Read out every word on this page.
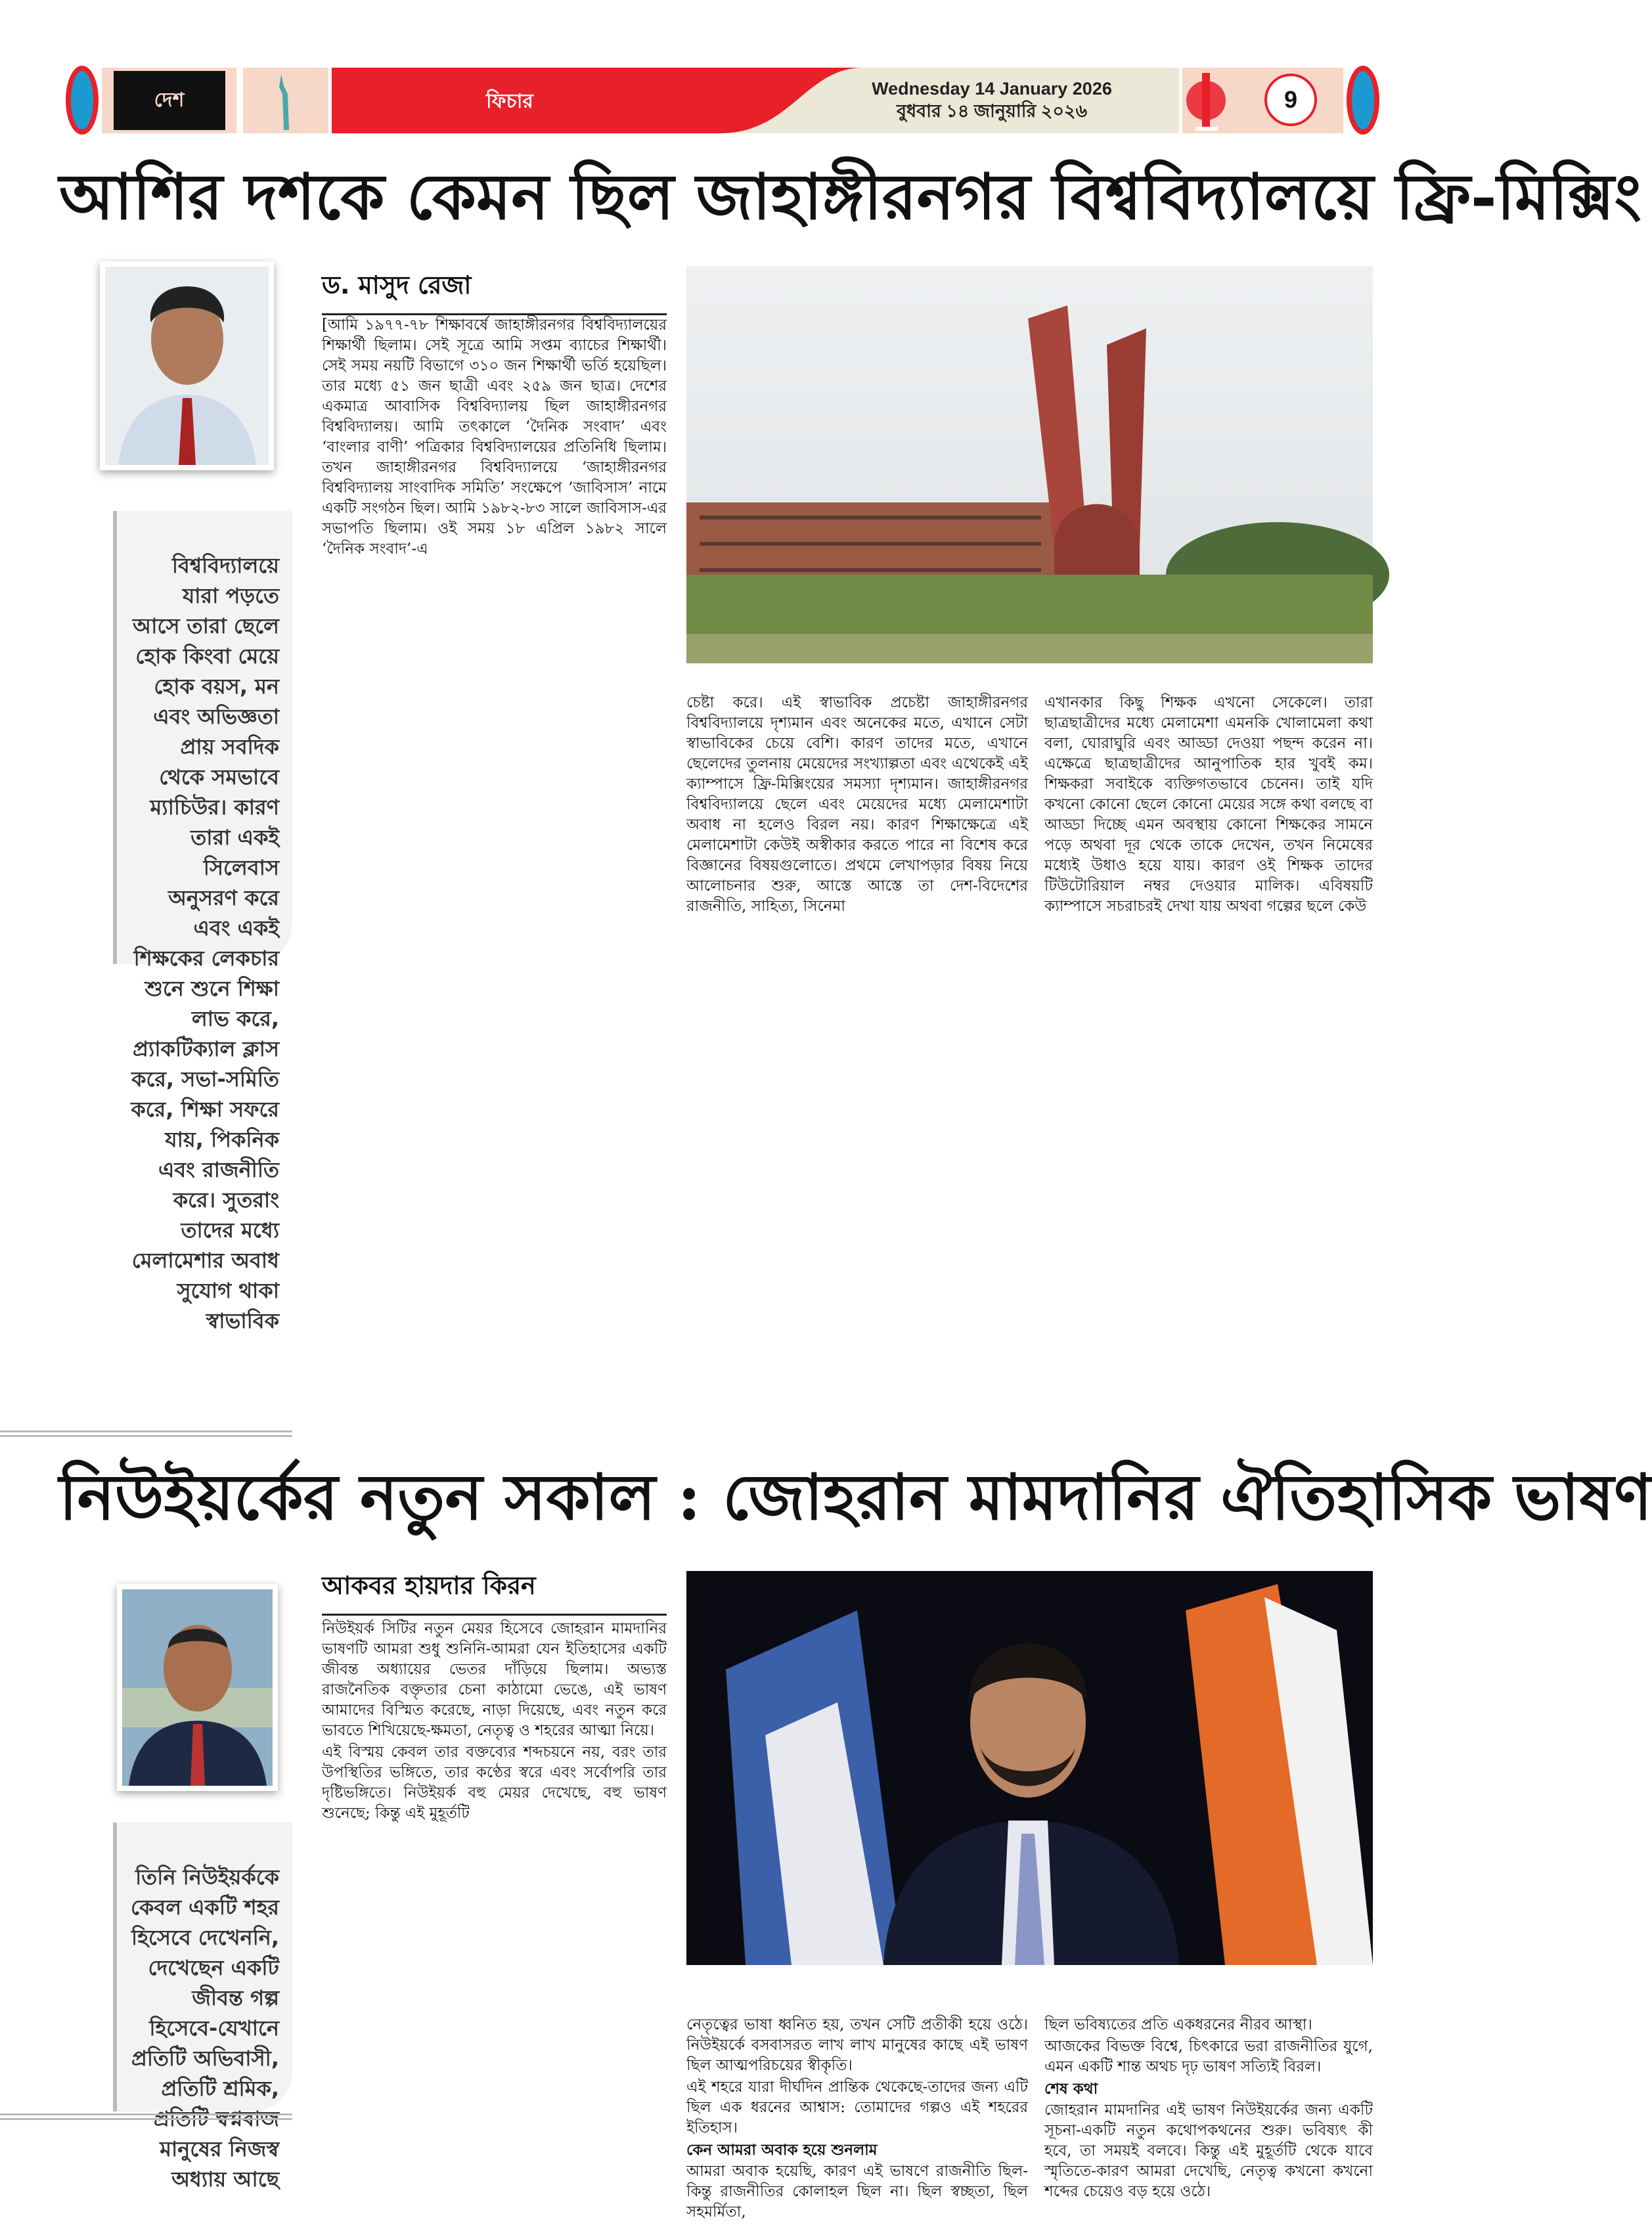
দেশ	ফিচার
Wednesday 14 January 2026
বুধবার ১৪ জানুয়ারি ২০২৬	9
আশির দশকে কেমন ছিল জাহাঙ্গীরনগর বিশ্ববিদ্যালয়ে ফ্রি-মিক্সিং
বিশ্ববিদ্যালয়ে যারা পড়তে আসে তারা ছেলে হোক কিংবা মেয়ে হোক বয়স, মন এবং অভিজ্ঞতা প্রায় সবদিক থেকে সমভাবে ম্যাচিউর। কারণ তারা একই সিলেবাস অনুসরণ করে এবং একই শিক্ষকের লেকচার শুনে শুনে শিক্ষা লাভ করে, প্র্যাকটিক্যাল ক্লাস করে, সভা-সমিতি করে, শিক্ষা সফরে যায়, পিকনিক এবং রাজনীতি করে। সুতরাং তাদের মধ্যে মেলামেশার অবাধ সুযোগ থাকা স্বাভাবিক
ড. মাসুদ রেজা

[আমি ১৯৭৭-৭৮ শিক্ষাবর্ষে জাহাঙ্গীরনগর বিশ্ববিদ্যালয়ের শিক্ষার্থী ছিলাম। সেই সূত্রে আমি সপ্তম ব্যাচের শিক্ষার্থী। সেই সময় নয়টি বিভাগে ৩১০ জন শিক্ষার্থী ভর্তি হয়েছিল। তার মধ্যে ৫১ জন ছাত্রী এবং ২৫৯ জন ছাত্র। দেশের একমাত্র আবাসিক বিশ্ববিদ্যালয় ছিল জাহাঙ্গীরনগর বিশ্ববিদ্যালয়। আমি তৎকালে ‘দৈনিক সংবাদ’ এবং ‘বাংলার বাণী’ পত্রিকার বিশ্ববিদ্যালয়ের প্রতিনিধি ছিলাম। তখন জাহাঙ্গীরনগর বিশ্ববিদ্যালয়ে ‘জাহাঙ্গীরনগর বিশ্ববিদ্যালয় সাংবাদিক সমিতি’ সংক্ষেপে ‘জাবিসাস’ নামে একটি সংগঠন ছিল। আমি ১৯৮২-৮৩ সালে জাবিসাস-এর সভাপতি ছিলাম। ওই সময় ১৮ এপ্রিল ১৯৮২ সালে ‘দৈনিক সংবাদ’-এ

চেষ্টা করে। এই স্বাভাবিক প্রচেষ্টা জাহাঙ্গীরনগর বিশ্ববিদ্যালয়ে দৃশ্যমান এবং অনেকের মতে, এখানে সেটা স্বাভাবিকের চেয়ে বেশি। কারণ তাদের মতে, এখানে ছেলেদের তুলনায় মেয়েদের সংখ্যাল্পতা এবং এথেকেই এই ক্যাম্পাসে ফ্রি-মিক্সিংয়ের সমস্যা দৃশ্যমান। জাহাঙ্গীরনগর বিশ্ববিদ্যালয়ে ছেলে এবং মেয়েদের মধ্যে মেলামেশাটা অবাধ না হলেও বিরল নয়। কারণ শিক্ষাক্ষেত্রে এই মেলামেশাটা কেউই অস্বীকার করতে পারে না বিশেষ করে বিজ্ঞানের বিষয়গুলোতে। প্রথমে লেখাপড়ার বিষয় নিয়ে আলোচনার শুরু, আস্তে আস্তে তা দেশ-বিদেশের রাজনীতি, সাহিত্য, সিনেমা

এখানকার কিছু শিক্ষক এখনো সেকেলে। তারা ছাত্রছাত্রীদের মধ্যে মেলামেশা এমনকি খোলামেলা কথা বলা, ঘোরাঘুরি এবং আড্ডা দেওয়া পছন্দ করেন না। এক্ষেত্রে ছাত্রছাত্রীদের আনুপাতিক হার খুবই কম। শিক্ষকরা সবাইকে ব্যক্তিগতভাবে চেনেন। তাই যদি কখনো কোনো ছেলে কোনো মেয়ের সঙ্গে কথা বলছে বা আড্ডা দিচ্ছে এমন অবস্থায় কোনো শিক্ষকের সামনে পড়ে অথবা দূর থেকে তাকে দেখেন, তখন নিমেষের মধ্যেই উধাও হয়ে যায়। কারণ ওই শিক্ষক তাদের টিউটোরিয়াল নম্বর দেওয়ার মালিক। এবিষয়টি ক্যাম্পাসে সচরাচরই দেখা যায় অথবা গল্পের ছলে কেউ

নিউইয়র্কের নতুন সকাল : জোহরান মামদানির ঐতিহাসিক ভাষণ
তিনি নিউইয়র্ককে কেবল একটি শহর হিসেবে দেখেননি, দেখেছেন একটি জীবন্ত গল্প হিসেবে-যেখানে প্রতিটি অভিবাসী, প্রতিটি শ্রমিক, প্রতিটি স্বপ্নবাজ মানুষের নিজস্ব অধ্যায় আছে
আকবর হায়দার কিরন

নিউইয়র্ক সিটির নতুন মেয়র হিসেবে জোহরান মামদানির ভাষণটি আমরা শুধু শুনিনি-আমরা যেন ইতিহাসের একটি জীবন্ত অধ্যায়ের ভেতর দাঁড়িয়ে ছিলাম। অভ্যস্ত রাজনৈতিক বক্তৃতার চেনা কাঠামো ভেঙে, এই ভাষণ আমাদের বিস্মিত করেছে, নাড়া দিয়েছে, এবং নতুন করে ভাবতে শিখিয়েছে-ক্ষমতা, নেতৃত্ব ও শহরের আত্মা নিয়ে।

এই বিস্ময় কেবল তার বক্তব্যের শব্দচয়নে নয়, বরং তার উপস্থিতির ভঙ্গিতে, তার কণ্ঠের স্বরে এবং সর্বোপরি তার দৃষ্টিভঙ্গিতে। নিউইয়র্ক বহু মেয়র দেখেছে, বহু ভাষণ শুনেছে; কিন্তু এই মুহূর্তটি

নেতৃত্বের ভাষা ধ্বনিত হয়, তখন সেটি প্রতীকী হয়ে ওঠে। নিউইয়র্কে বসবাসরত লাখ লাখ মানুষের কাছে এই ভাষণ ছিল আত্মপরিচয়ের স্বীকৃতি।

এই শহরে যারা দীর্ঘদিন প্রান্তিক থেকেছে-তাদের জন্য এটি ছিল এক ধরনের আশ্বাস: তোমাদের গল্পও এই শহরের ইতিহাস।

কেন আমরা অবাক হয়ে শুনলাম

আমরা অবাক হয়েছি, কারণ এই ভাষণে রাজনীতি ছিল-কিন্তু রাজনীতির কোলাহল ছিল না। ছিল স্বচ্ছতা, ছিল সহমর্মিতা,

ছিল ভবিষ্যতের প্রতি একধরনের নীরব আস্থা।

আজকের বিভক্ত বিশ্বে, চিৎকারে ভরা রাজনীতির যুগে, এমন একটি শান্ত অথচ দৃঢ় ভাষণ সত্যিই বিরল।

শেষ কথা

জোহরান মামদানির এই ভাষণ নিউইয়র্কের জন্য একটি সূচনা-একটি নতুন কথোপকথনের শুরু। ভবিষ্যৎ কী হবে, তা সময়ই বলবে। কিন্তু এই মুহূর্তটি থেকে যাবে স্মৃতিতে-কারণ আমরা দেখেছি, নেতৃত্ব কখনো কখনো শব্দের চেয়েও বড় হয়ে ওঠে।
